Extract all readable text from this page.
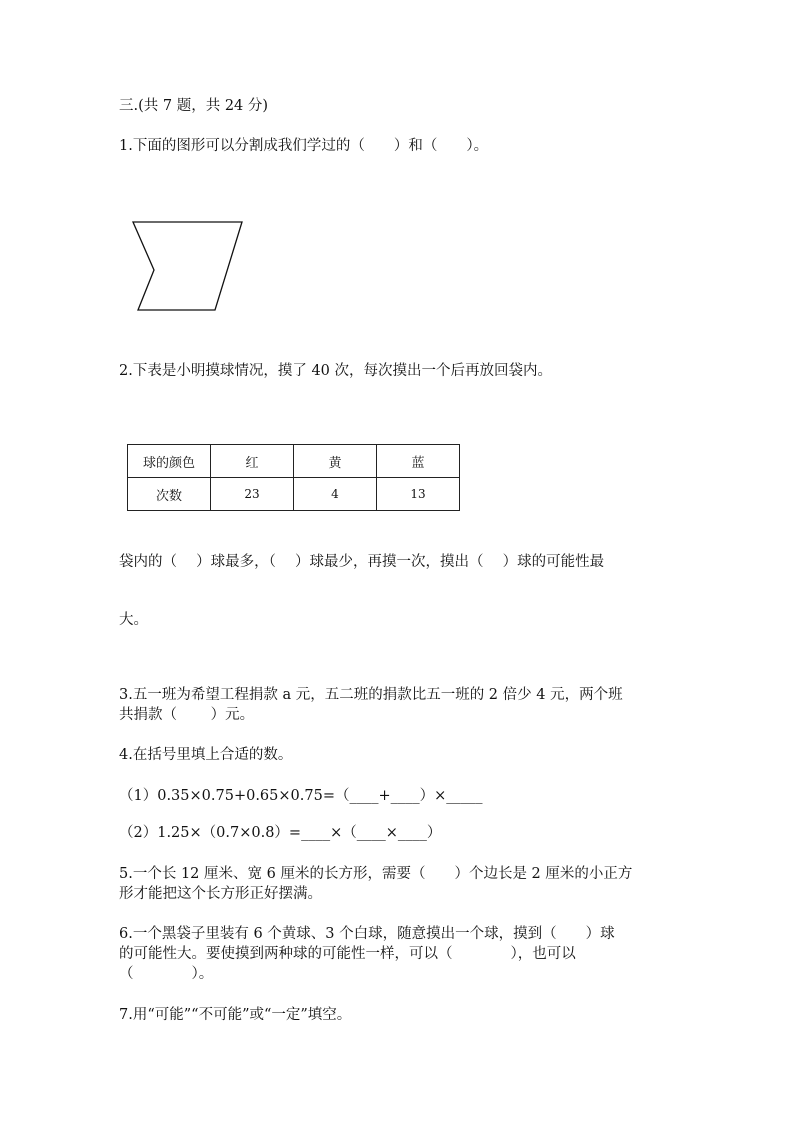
三.(共 7 题，共 24 分)
1.下面的图形可以分割成我们学过的（　　）和（　　）。
2.下表是小明摸球情况，摸了 40 次，每次摸出一个后再放回袋内。
球的颜色	红	黄	蓝
次数	23	4	13
袋内的（　 ）球最多，（　 ）球最少，再摸一次，摸出（　 ）球的可能性最
大。
3.五一班为希望工程捐款 a 元，五二班的捐款比五一班的 2 倍少 4 元，两个班
共捐款（　　 ）元。
4.在括号里填上合适的数。
（1）0.35×0.75+0.65×0.75=（____+____）×_____
（2）1.25×（0.7×0.8）=____×（____×____）
5.一个长 12 厘米、宽 6 厘米的长方形，需要（　　）个边长是 2 厘米的小正方
形才能把这个长方形正好摆满。
6.一个黑袋子里装有 6 个黄球、3 个白球，随意摸出一个球，摸到（　　）球
的可能性大。要使摸到两种球的可能性一样，可以（　　　　），也可以
（　　　　）。
7.用“可能”“不可能”或“一定”填空。
